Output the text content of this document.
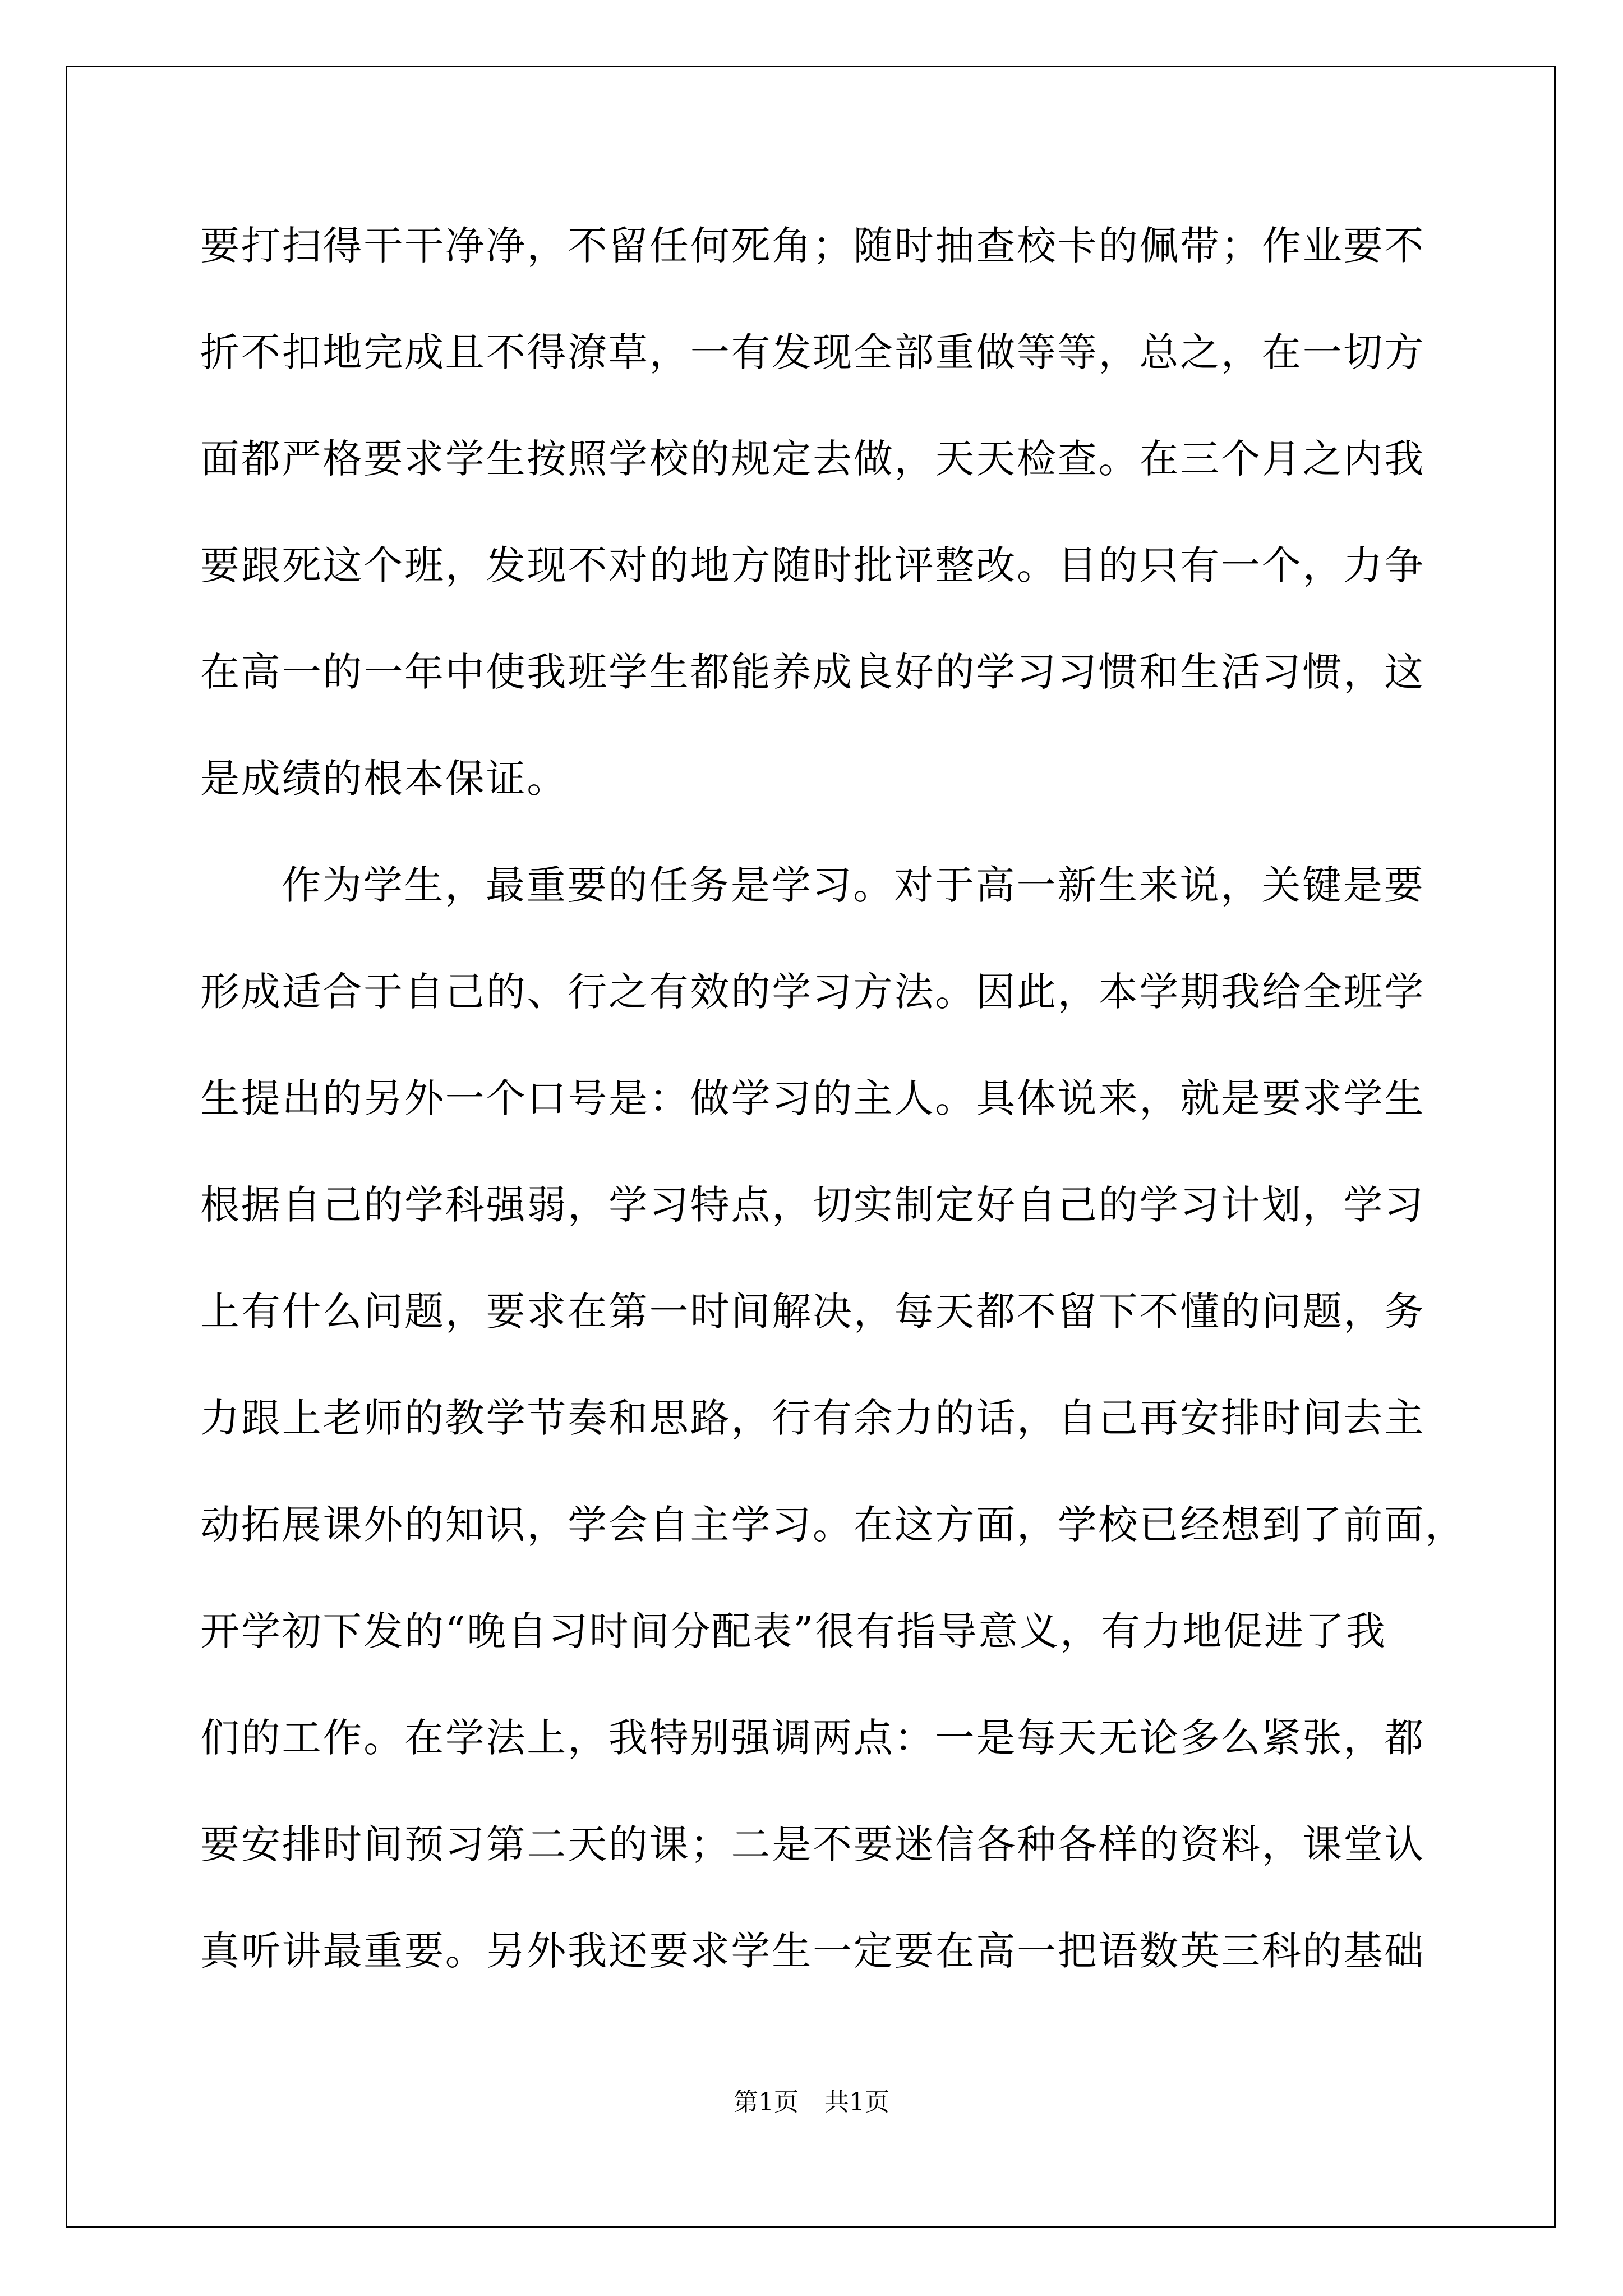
要打扫得干干净净，不留任何死角；随时抽查校卡的佩带；作业要不
折不扣地完成且不得潦草，一有发现全部重做等等，总之，在一切方
面都严格要求学生按照学校的规定去做，天天检查。在三个月之内我
要跟死这个班，发现不对的地方随时批评整改。目的只有一个，力争
在高一的一年中使我班学生都能养成良好的学习习惯和生活习惯，这
是成绩的根本保证。
作为学生，最重要的任务是学习。对于高一新生来说，关键是要
形成适合于自己的、行之有效的学习方法。因此，本学期我给全班学
生提出的另外一个口号是：做学习的主人。具体说来，就是要求学生
根据自己的学科强弱，学习特点，切实制定好自己的学习计划，学习
上有什么问题，要求在第一时间解决，每天都不留下不懂的问题，务
力跟上老师的教学节奏和思路，行有余力的话，自己再安排时间去主
动拓展课外的知识，学会自主学习。在这方面，学校已经想到了前面，
开学初下发的“晚自习时间分配表”很有指导意义，有力地促进了我
们的工作。在学法上，我特别强调两点：一是每天无论多么紧张，都
要安排时间预习第二天的课；二是不要迷信各种各样的资料，课堂认
真听讲最重要。另外我还要求学生一定要在高一把语数英三科的基础
第1页 共1页
